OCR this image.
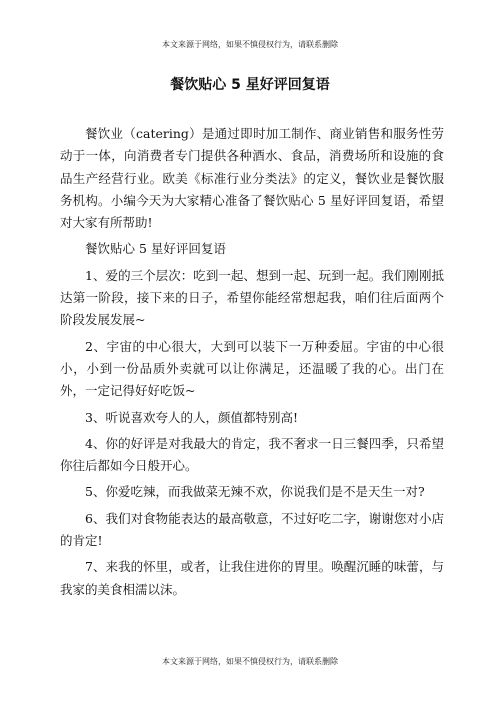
本文来源于网络，如果不慎侵权行为，请联系删除
餐饮贴心 5 星好评回复语

餐饮业（catering）是通过即时加工制作、商业销售和服务性劳动于一体，向消费者专门提供各种酒水、食品，消费场所和设施的食品生产经营行业。欧美《标准行业分类法》的定义，餐饮业是餐饮服务机构。小编今天为大家精心准备了餐饮贴心 5 星好评回复语，希望对大家有所帮助!

餐饮贴心 5 星好评回复语

1、爱的三个层次：吃到一起、想到一起、玩到一起。我们刚刚抵达第一阶段，接下来的日子，希望你能经常想起我，咱们往后面两个阶段发展发展~

2、宇宙的中心很大，大到可以装下一万种委屈。宇宙的中心很小，小到一份品质外卖就可以让你满足，还温暖了我的心。出门在外，一定记得好好吃饭~

3、听说喜欢夸人的人，颜值都特别高!

4、你的好评是对我最大的肯定，我不奢求一日三餐四季，只希望你往后都如今日般开心。

5、你爱吃辣，而我做菜无辣不欢，你说我们是不是天生一对?

6、我们对食物能表达的最高敬意，不过好吃二字，谢谢您对小店的肯定!

7、来我的怀里，或者，让我住进你的胃里。唤醒沉睡的味蕾，与我家的美食相濡以沫。

本文来源于网络，如果不慎侵权行为，请联系删除
